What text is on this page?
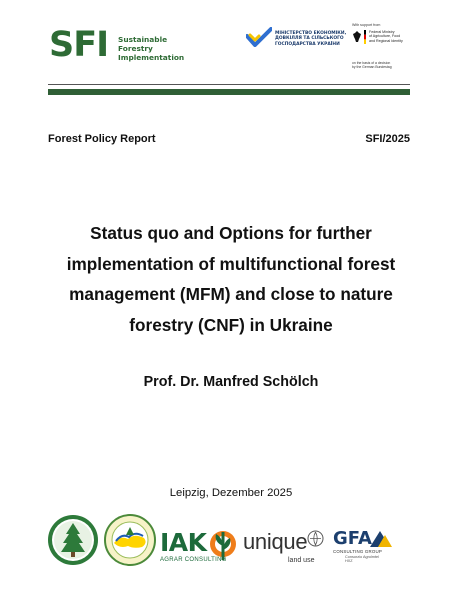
SFI Sustainable
Forestry
Implementation
МІНІСТЕРСТВО ЕКОНОМІКИ,
ДОВКІЛЛЯ ТА СІЛЬСЬКОГО
ГОСПОДАРСТВА УКРАЇНИ
With support from
Federal Ministry
of Agriculture, Food
and Regional Identity
on the basis of a decision
by the German Bundestag
Forest Policy Report	SFI/2025
Status quo and Options for further
implementation of multifunctional forest
management (MFM) and close to nature
forestry (CNF) in Ukraine
Prof. Dr. Manfred Schölch
Leipzig, Dezember 2025
IAK
AGRAR CONSULTING
unique
land use
GFA
CONSULTING GROUP
Consorzio Agrolmtel
HXZ
